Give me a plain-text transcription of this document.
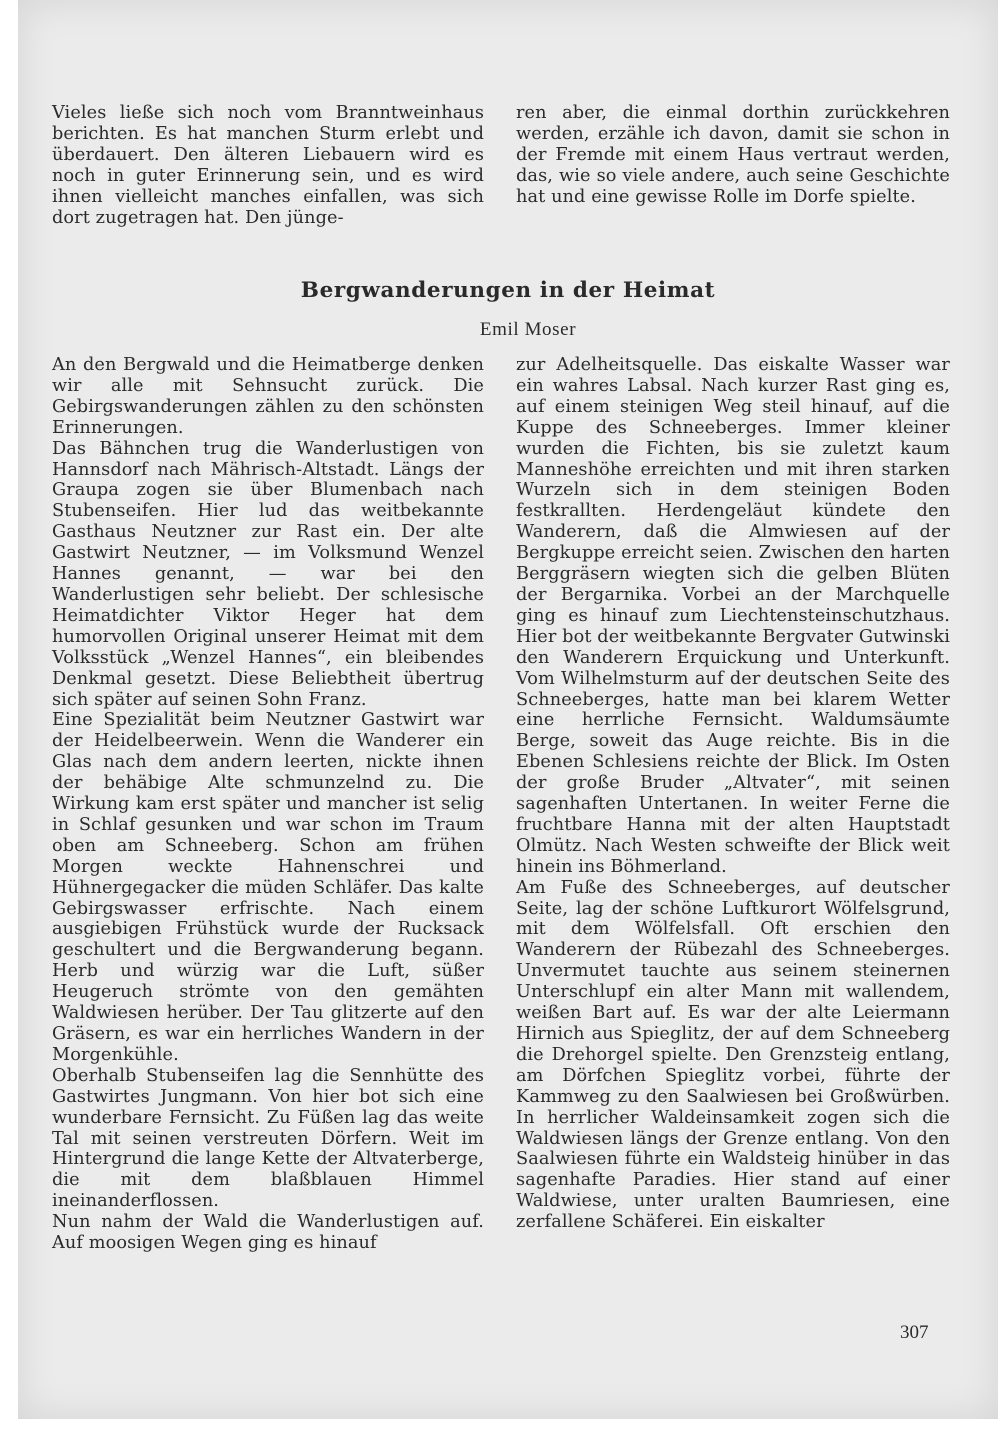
Vieles ließe sich noch vom Branntweinhaus berichten. Es hat manchen Sturm erlebt und überdauert. Den älteren Liebauern wird es noch in guter Erinnerung sein, und es wird ihnen vielleicht manches einfallen, was sich dort zugetragen hat. Den jünge-

ren aber, die einmal dorthin zurückkehren werden, erzähle ich davon, damit sie schon in der Fremde mit einem Haus vertraut werden, das, wie so viele andere, auch seine Geschichte hat und eine gewisse Rolle im Dorfe spielte.

Bergwanderungen in der Heimat
Emil Moser

An den Bergwald und die Heimatberge denken wir alle mit Sehnsucht zurück. Die Gebirgswanderungen zählen zu den schönsten Erinnerungen.

Das Bähnchen trug die Wanderlustigen von Hannsdorf nach Mährisch-Altstadt. Längs der Graupa zogen sie über Blumenbach nach Stubenseifen. Hier lud das weitbekannte Gasthaus Neutzner zur Rast ein. Der alte Gastwirt Neutzner, — im Volksmund Wenzel Hannes genannt, — war bei den Wanderlustigen sehr beliebt. Der schlesische Heimatdichter Viktor Heger hat dem humorvollen Original unserer Heimat mit dem Volksstück „Wenzel Hannes“, ein bleibendes Denkmal gesetzt. Diese Beliebtheit übertrug sich später auf seinen Sohn Franz.

Eine Spezialität beim Neutzner Gastwirt war der Heidelbeerwein. Wenn die Wanderer ein Glas nach dem andern leerten, nickte ihnen der behäbige Alte schmunzelnd zu. Die Wirkung kam erst später und mancher ist selig in Schlaf gesunken und war schon im Traum oben am Schneeberg. Schon am frühen Morgen weckte Hahnenschrei und Hühnergegacker die müden Schläfer. Das kalte Gebirgswasser erfrischte. Nach einem ausgiebigen Frühstück wurde der Rucksack geschultert und die Bergwanderung begann. Herb und würzig war die Luft, süßer Heugeruch strömte von den gemähten Waldwiesen herüber. Der Tau glitzerte auf den Gräsern, es war ein herrliches Wandern in der Morgenkühle.

Oberhalb Stubenseifen lag die Sennhütte des Gastwirtes Jungmann. Von hier bot sich eine wunderbare Fernsicht. Zu Füßen lag das weite Tal mit seinen verstreuten Dörfern. Weit im Hintergrund die lange Kette der Altvaterberge, die mit dem blaßblauen Himmel ineinanderflossen.

Nun nahm der Wald die Wanderlustigen auf. Auf moosigen Wegen ging es hinauf

zur Adelheitsquelle. Das eiskalte Wasser war ein wahres Labsal. Nach kurzer Rast ging es, auf einem steinigen Weg steil hinauf, auf die Kuppe des Schneeberges. Immer kleiner wurden die Fichten, bis sie zuletzt kaum Manneshöhe erreichten und mit ihren starken Wurzeln sich in dem steinigen Boden festkrallten. Herdengeläut kündete den Wanderern, daß die Almwiesen auf der Bergkuppe erreicht seien. Zwischen den harten Berggräsern wiegten sich die gelben Blüten der Bergarnika. Vorbei an der Marchquelle ging es hinauf zum Liechtensteinschutzhaus. Hier bot der weitbekannte Bergvater Gutwinski den Wanderern Erquickung und Unterkunft. Vom Wilhelmsturm auf der deutschen Seite des Schneeberges, hatte man bei klarem Wetter eine herrliche Fernsicht. Waldumsäumte Berge, soweit das Auge reichte. Bis in die Ebenen Schlesiens reichte der Blick. Im Osten der große Bruder „Altvater“, mit seinen sagenhaften Untertanen. In weiter Ferne die fruchtbare Hanna mit der alten Hauptstadt Olmütz. Nach Westen schweifte der Blick weit hinein ins Böhmerland.

Am Fuße des Schneeberges, auf deutscher Seite, lag der schöne Luftkurort Wölfelsgrund, mit dem Wölfelsfall. Oft erschien den Wanderern der Rübezahl des Schneeberges. Unvermutet tauchte aus seinem steinernen Unterschlupf ein alter Mann mit wallendem, weißen Bart auf. Es war der alte Leiermann Hirnich aus Spieglitz, der auf dem Schneeberg die Drehorgel spielte. Den Grenzsteig entlang, am Dörfchen Spieglitz vorbei, führte der Kammweg zu den Saalwiesen bei Großwürben. In herrlicher Waldeinsamkeit zogen sich die Waldwiesen längs der Grenze entlang. Von den Saalwiesen führte ein Waldsteig hinüber in das sagenhafte Paradies. Hier stand auf einer Waldwiese, unter uralten Baumriesen, eine zerfallene Schäferei. Ein eiskalter

307
